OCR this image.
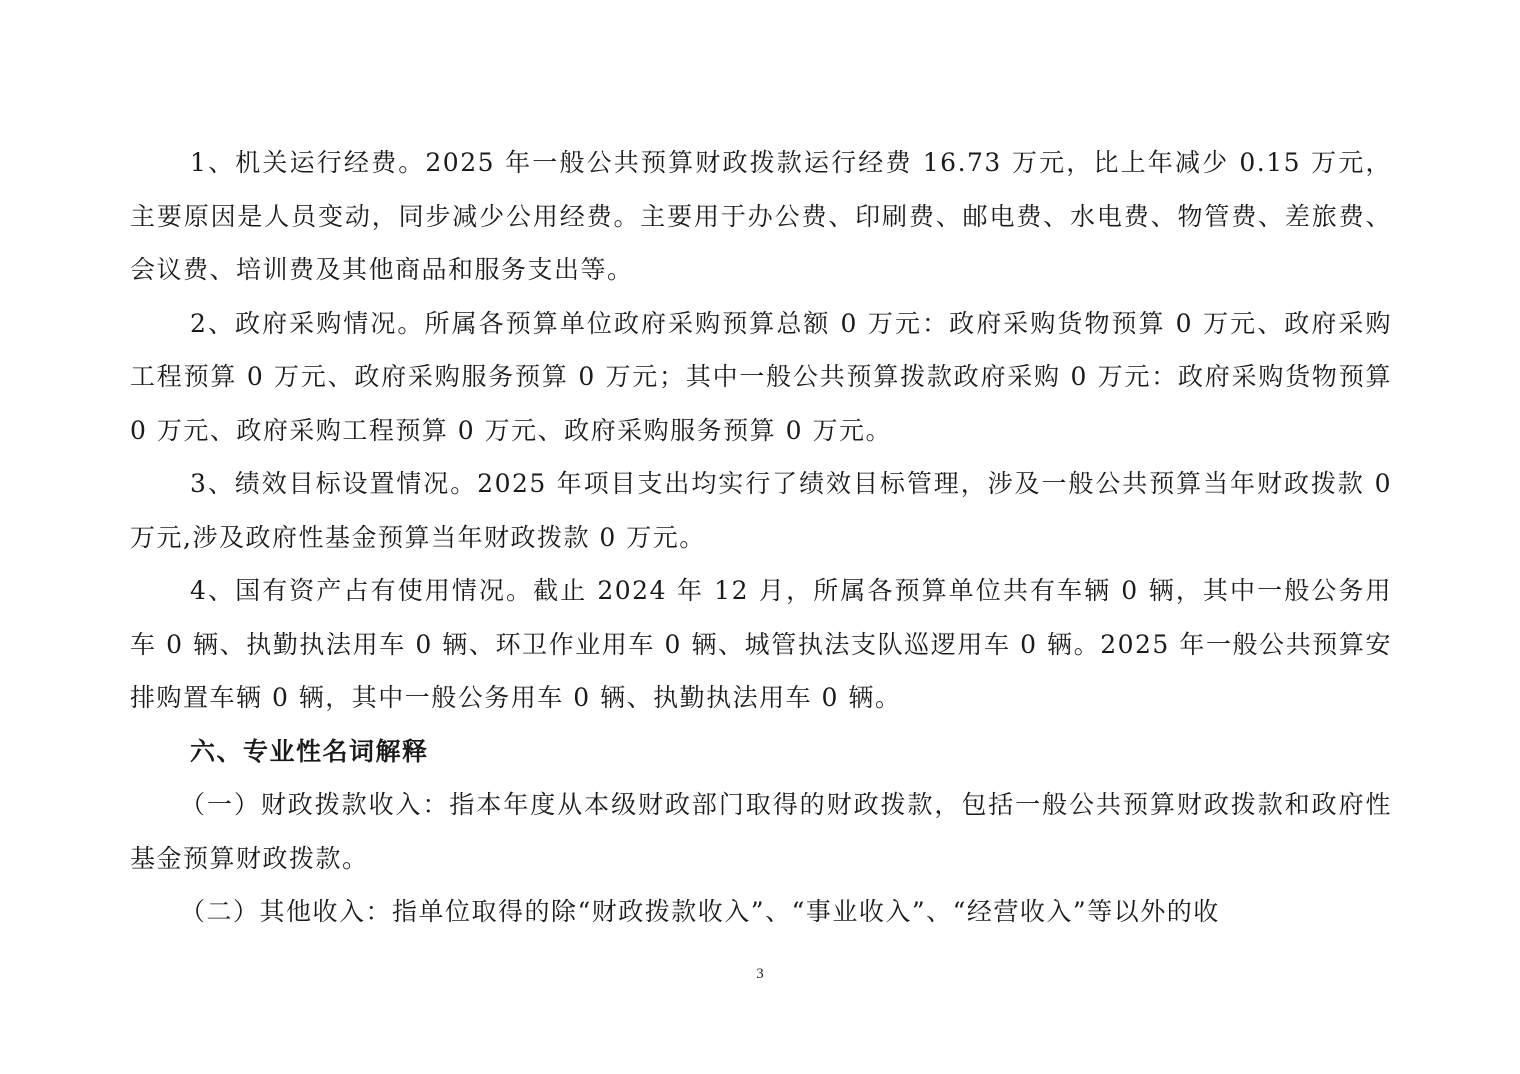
1、机关运行经费。2025 年一般公共预算财政拨款运行经费 16.73 万元，比上年减少 0.15 万元，主要原因是人员变动，同步减少公用经费。主要用于办公费、印刷费、邮电费、水电费、物管费、差旅费、会议费、培训费及其他商品和服务支出等。

2、政府采购情况。所属各预算单位政府采购预算总额 0 万元：政府采购货物预算 0 万元、政府采购工程预算 0 万元、政府采购服务预算 0 万元；其中一般公共预算拨款政府采购 0 万元：政府采购货物预算 0 万元、政府采购工程预算 0 万元、政府采购服务预算 0 万元。

3、绩效目标设置情况。2025 年项目支出均实行了绩效目标管理，涉及一般公共预算当年财政拨款 0 万元,涉及政府性基金预算当年财政拨款 0 万元。

4、国有资产占有使用情况。截止 2024 年 12 月，所属各预算单位共有车辆 0 辆，其中一般公务用车 0 辆、执勤执法用车 0 辆、环卫作业用车 0 辆、城管执法支队巡逻用车 0 辆。2025 年一般公共预算安排购置车辆 0 辆，其中一般公务用车 0 辆、执勤执法用车 0 辆。

六、专业性名词解释

（一）财政拨款收入：指本年度从本级财政部门取得的财政拨款，包括一般公共预算财政拨款和政府性基金预算财政拨款。

（二）其他收入：指单位取得的除“财政拨款收入”、“事业收入”、“经营收入”等以外的收

3
